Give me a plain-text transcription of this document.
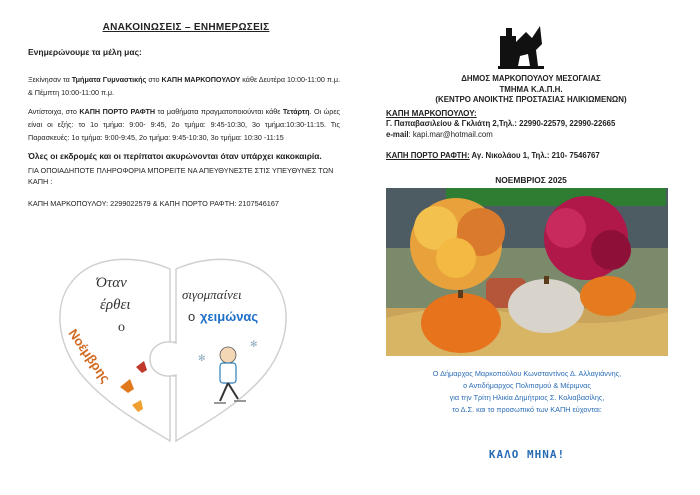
ΑΝΑΚΟΙΝΩΣΕΙΣ – ΕΝΗΜΕΡΩΣΕΙΣ
Ενημερώνουμε τα μέλη μας:
Ξεκίνησαν τα Τμήματα Γυμναστικής στο ΚΑΠΗ ΜΑΡΚΟΠΟΥΛΟΥ κάθε Δευτέρα 10:00-11:00 π.μ. & Πέμπτη 10:00-11:00 π.μ.
Αντίστοιχα, στο ΚΑΠΗ ΠΟΡΤΟ ΡΑΦΤΗ τα μαθήματα πραγματοποιούνται κάθε Τετάρτη. Οι ώρες είναι οι εξής: το 1ο τμήμα: 9:00- 9:45, 2ο τμήμα: 9:45-10:30, 3ο τμήμα:10:30-11:15. Τις Παρασκευές: 1ο τμήμα: 9:00-9:45, 2ο τμήμα: 9:45-10:30, 3ο τμήμα: 10:30 -11:15
Όλες οι εκδρομές και οι περίπατοι ακυρώνονται όταν υπάρχει κακοκαιρία.
ΓΙΑ ΟΠΟΙΑΔΗΠΟΤΕ ΠΛΗΡΟΦΟΡΙΑ ΜΠΟΡΕΙΤΕ ΝΑ ΑΠΕΥΘΥΝΕΣΤΕ ΣΤΙΣ ΥΠΕΥΘΥΝΕΣ ΤΩΝ ΚΑΠΗ :
ΚΑΠΗ ΜΑΡΚΟΠΟΥΛΟΥ: 2299022579 & ΚΑΠΗ ΠΟΡΤΟ ΡΑΦΤΗ: 2107546167
Όταν
έρθει
ο
Νοέμβρης
σιγομπαίνει
ο χειμώνας
✻
✻
ΔΗΜΟΣ ΜΑΡΚΟΠΟΥΛΟΥ ΜΕΣΟΓΑΙΑΣ
ΤΜΗΜΑ Κ.Α.Π.Η.
(ΚΕΝΤΡΟ ΑΝΟΙΚΤΗΣ ΠΡΟΣΤΑΣΙΑΣ ΗΛΙΚΙΩΜΕΝΩΝ)
ΚΑΠΗ ΜΑΡΚΟΠΟΥΛΟΥ:
Γ. Παπαβασιλείου & Γκλιάτη 2,Τηλ.: 22990-22579, 22990-22665
e-mail: kapi.mar@hotmail.com
ΚΑΠΗ ΠΟΡΤΟ ΡΑΦΤΗ: Αγ. Νικολάου 1, Τηλ.: 210- 7546767
ΝΟΕΜΒΡΙΟΣ 2025
Ο Δήμαρχος Μαρκοπούλου Κωνσταντίνος Δ. Αλλαγιάννης,
ο Αντιδήμαρχος Πολιτισμού & Μέριμνας
για την Τρίτη Ηλικία Δημήτριος Σ. Κολιαβασίλης,
το Δ.Σ. και το προσωπικό των ΚΑΠΗ εύχονται:
ΚΑΛΟ ΜΗΝΑ!
